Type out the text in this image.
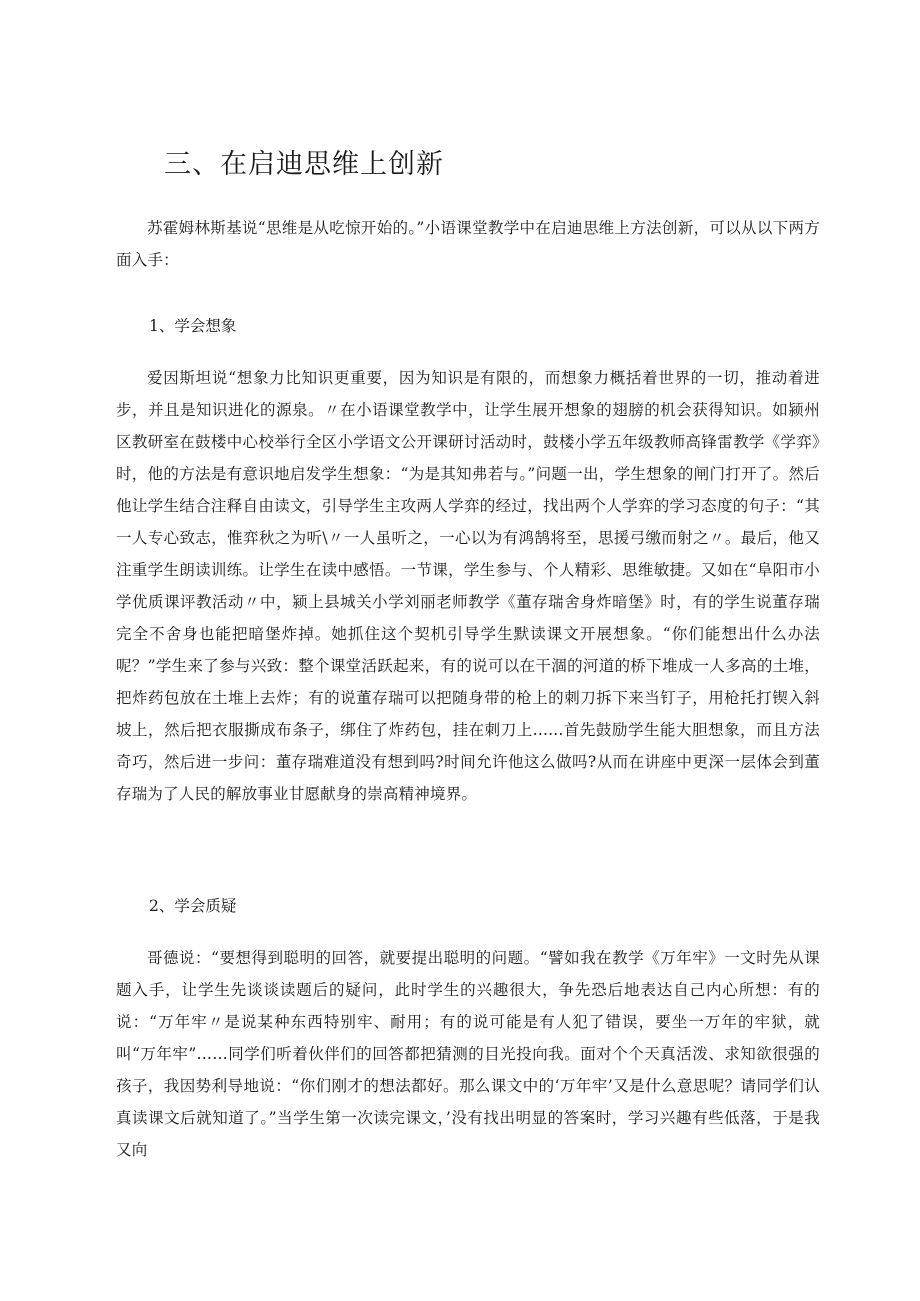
三、在启迪思维上创新

苏霍姆林斯基说“思维是从吃惊开始的。”小语课堂教学中在启迪思维上方法创新，可以从以下两方面入手：

1、学会想象

爱因斯坦说“想象力比知识更重要，因为知识是有限的，而想象力概括着世界的一切，推动着进步，并且是知识进化的源泉。〃在小语课堂教学中，让学生展开想象的翅膀的机会获得知识。如颍州区教研室在鼓楼中心校举行全区小学语文公开课研讨活动时，鼓楼小学五年级教师高锋雷教学《学弈》时，他的方法是有意识地启发学生想象：“为是其知弗若与。”问题一出，学生想象的闸门打开了。然后他让学生结合注释自由读文，引导学生主攻两人学弈的经过，找出两个人学弈的学习态度的句子：“其一人专心致志，惟弈秋之为听\〃一人虽听之，一心以为有鸿鹄将至，思援弓缴而射之〃。最后，他又注重学生朗读训练。让学生在读中感悟。一节课，学生参与、个人精彩、思维敏捷。又如在“阜阳市小学优质课评教活动〃中，颍上县城关小学刘丽老师教学《董存瑞舍身炸暗堡》时，有的学生说董存瑞完全不舍身也能把暗堡炸掉。她抓住这个契机引导学生默读课文开展想象。“你们能想出什么办法呢？”学生来了参与兴致：整个课堂活跃起来，有的说可以在干涸的河道的桥下堆成一人多高的土堆，把炸药包放在土堆上去炸；有的说董存瑞可以把随身带的枪上的刺刀拆下来当钉子，用枪托打锲入斜坡上，然后把衣服撕成布条子，绑住了炸药包，挂在刺刀上......首先鼓励学生能大胆想象，而且方法奇巧，然后进一步问：董存瑞难道没有想到吗?时间允许他这么做吗?从而在讲座中更深一层体会到董存瑞为了人民的解放事业甘愿献身的崇高精神境界。

2、学会质疑

哥德说：“要想得到聪明的回答，就要提出聪明的问题。“譬如我在教学《万年牢》一文时先从课题入手，让学生先谈谈读题后的疑问，此时学生的兴趣很大，争先恐后地表达自己内心所想：有的说：“万年牢〃是说某种东西特别牢、耐用；有的说可能是有人犯了错误，要坐一万年的牢狱，就叫“万年牢”……同学们听着伙伴们的回答都把猜测的目光投向我。面对个个天真活泼、求知欲很强的孩子，我因势利导地说：“你们刚才的想法都好。那么课文中的‘万年牢’又是什么意思呢？请同学们认真读课文后就知道了。”当学生第一次读完课文，’没有找出明显的答案时，学习兴趣有些低落，于是我又向
